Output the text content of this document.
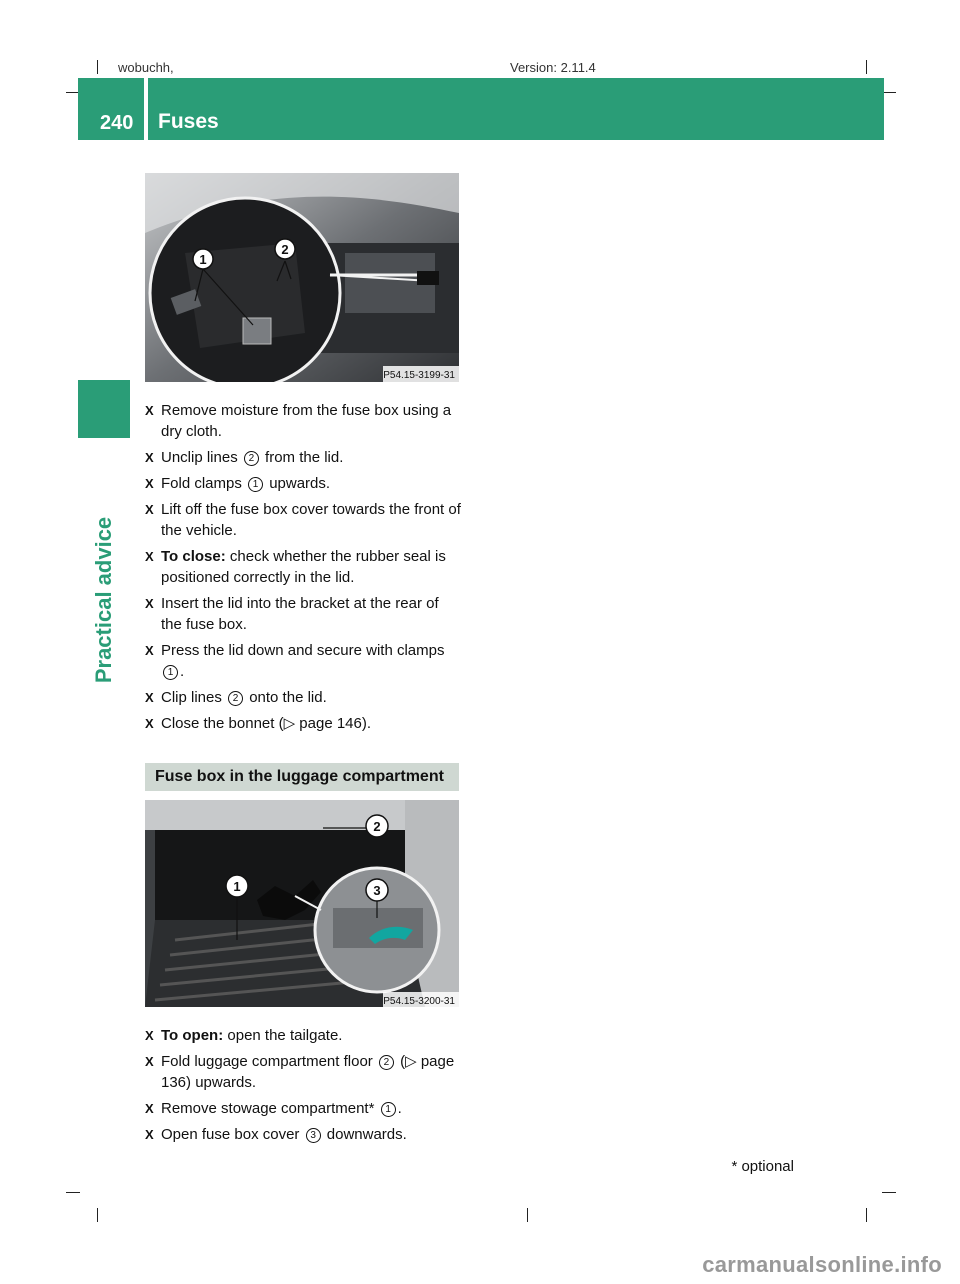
wobuchh,	Version: 2.11.4
240 Fuses
Practical advice
1
2
P54.15-3199-31
X Remove moisture from the fuse box using a dry cloth.
X Unclip lines 2 from the lid.
X Fold clamps 1 upwards.
X Lift off the fuse box cover towards the front of the vehicle.
X To close: check whether the rubber seal is positioned correctly in the lid.
X Insert the lid into the bracket at the rear of the fuse box.
X Press the lid down and secure with clamps 1 .
X Clip lines 2 onto the lid.
X Close the bonnet (▷ page 146).
Fuse box in the luggage compartment
2
1	3
P54.15-3200-31
X To open: open the tailgate.
X Fold luggage compartment floor 2 (▷ page 136) upwards.
X Remove stowage compartment* 1 .
X Open fuse box cover 3 downwards.
* optional
carmanualsonline.info
